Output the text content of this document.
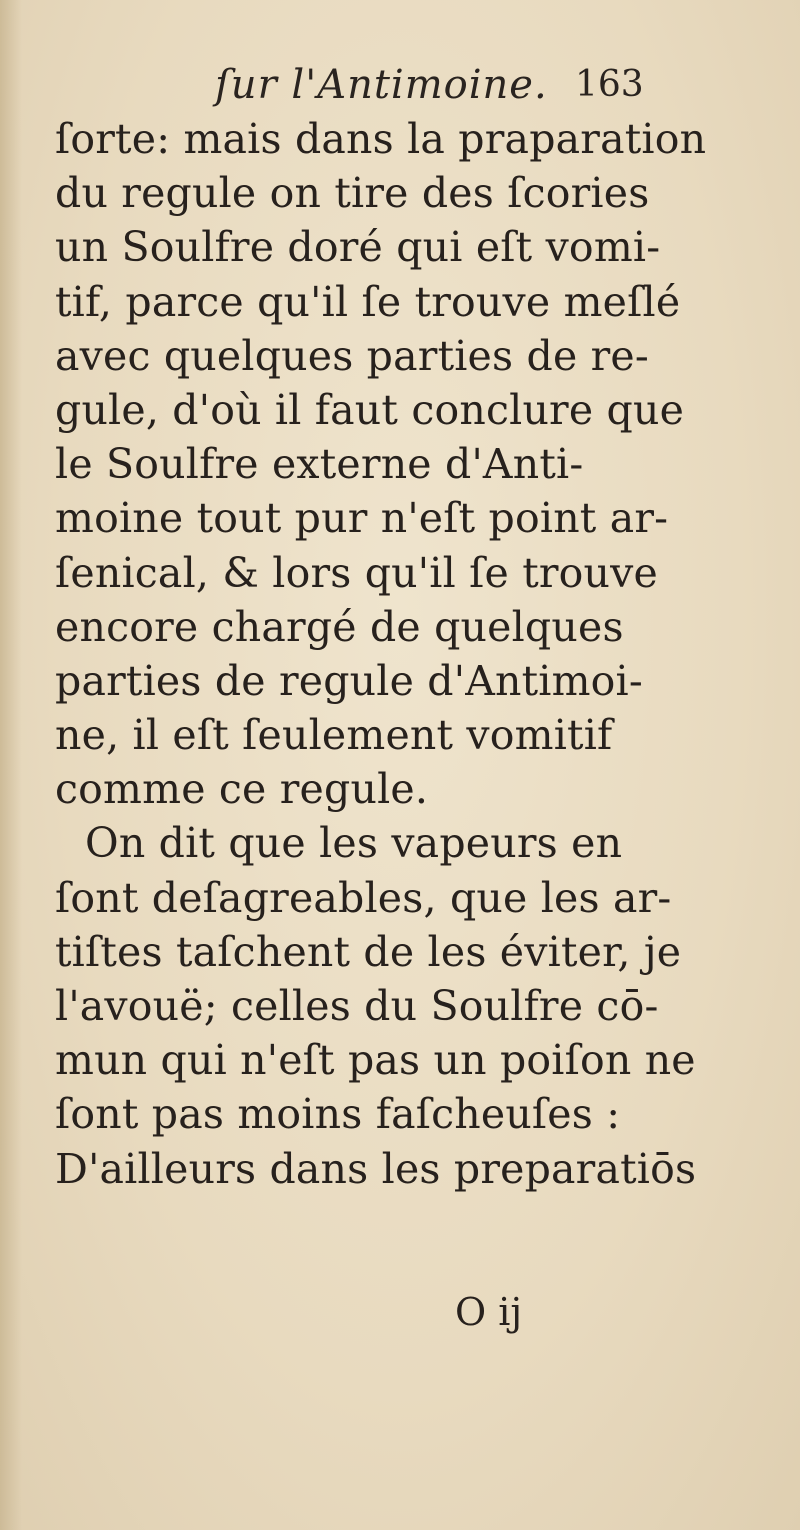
ſur l'Antimoine. 163
ſorte: mais dans la praparation
du regule on tire des ſcories
un Soulfre doré qui eſt vomi-
tif, parce qu'il ſe trouve meſlé
avec quelques parties de re-
gule, d'où il faut conclure que
le Soulfre externe d'Anti-
moine tout pur n'eſt point ar-
ſenical, & lors qu'il ſe trouve
encore chargé de quelques
parties de regule d'Antimoi-
ne, il eſt ſeulement vomitif
comme ce regule.
On dit que les vapeurs en
ſont deſagreables, que les ar-
tiſtes taſchent de les éviter, je
l'avouë; celles du Soulfre cō-
mun qui n'eſt pas un poiſon ne
ſont pas moins faſcheuſes :
D'ailleurs dans les preparatiōs
O ij
